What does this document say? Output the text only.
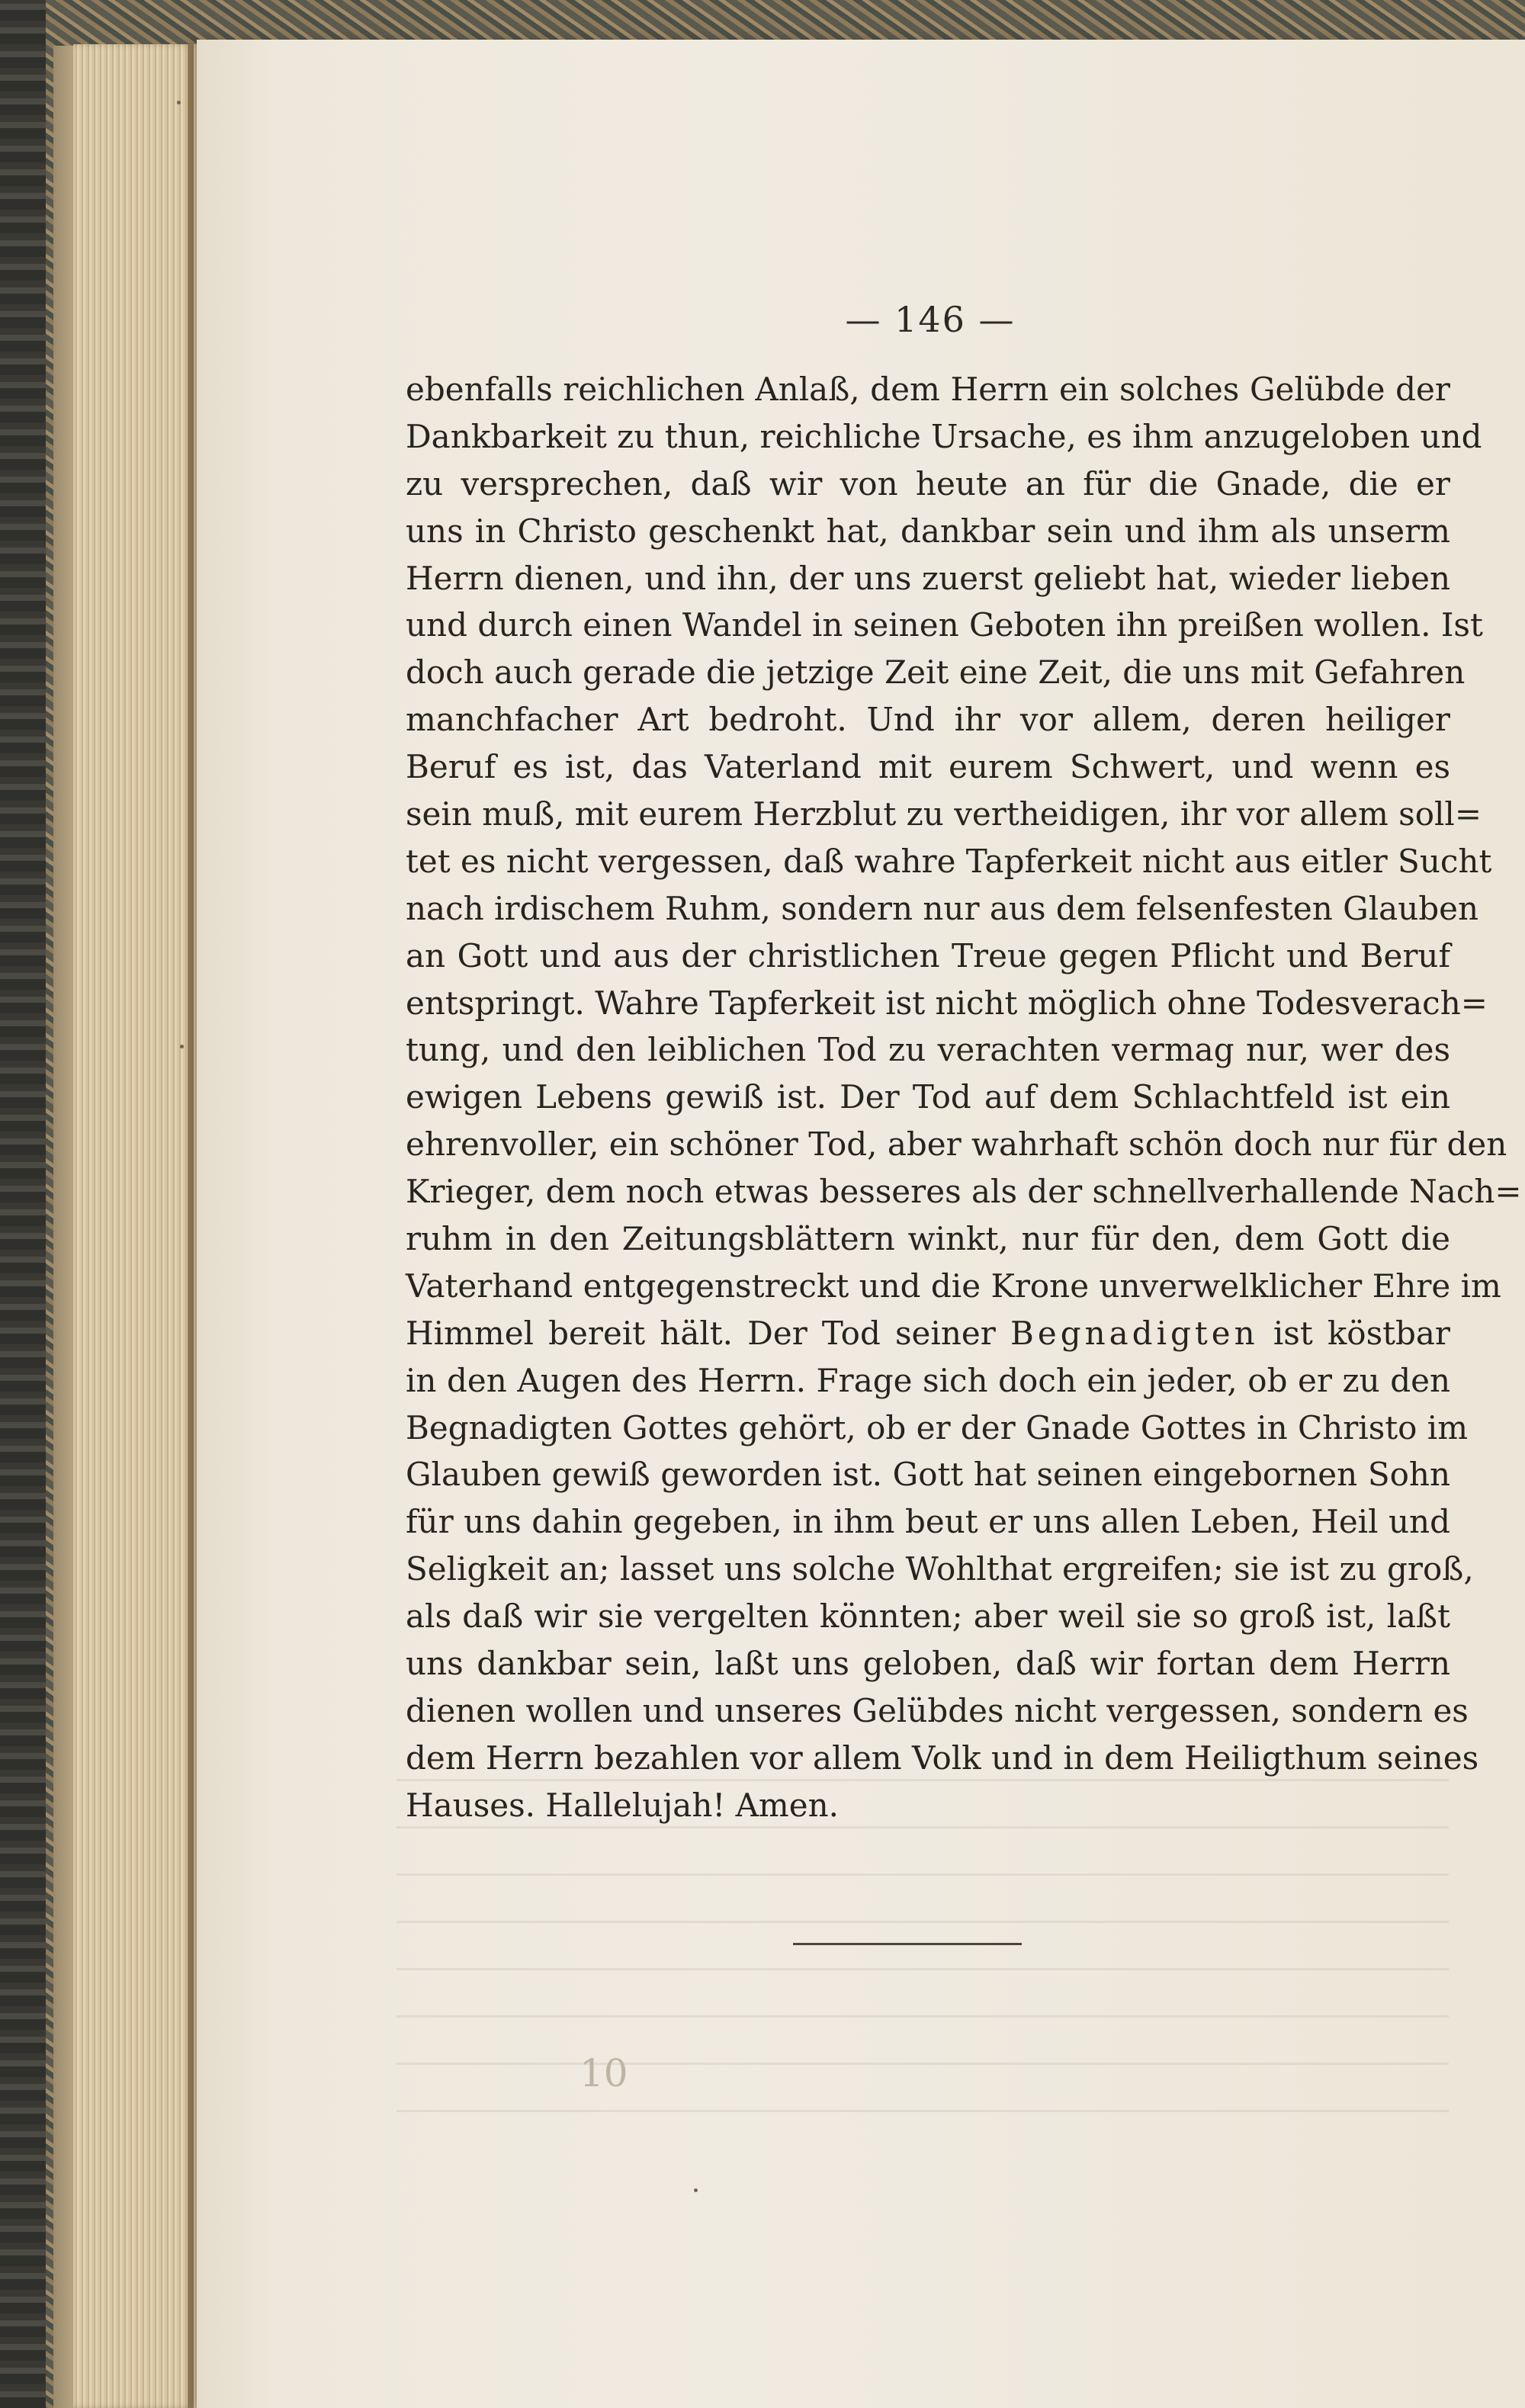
— 146 —
ebenfalls reichlichen Anlaß, dem Herrn ein solches Gelübde der
Dankbarkeit zu thun, reichliche Ursache, es ihm anzugeloben und
zu versprechen, daß wir von heute an für die Gnade, die er
uns in Christo geschenkt hat, dankbar sein und ihm als unserm
Herrn dienen, und ihn, der uns zuerst geliebt hat, wieder lieben
und durch einen Wandel in seinen Geboten ihn preißen wollen. Ist
doch auch gerade die jetzige Zeit eine Zeit, die uns mit Gefahren
manchfacher Art bedroht. Und ihr vor allem, deren heiliger
Beruf es ist, das Vaterland mit eurem Schwert, und wenn es
sein muß, mit eurem Herzblut zu vertheidigen, ihr vor allem soll=
tet es nicht vergessen, daß wahre Tapferkeit nicht aus eitler Sucht
nach irdischem Ruhm, sondern nur aus dem felsenfesten Glauben
an Gott und aus der christlichen Treue gegen Pflicht und Beruf
entspringt. Wahre Tapferkeit ist nicht möglich ohne Todesverach=
tung, und den leiblichen Tod zu verachten vermag nur, wer des
ewigen Lebens gewiß ist. Der Tod auf dem Schlachtfeld ist ein
ehrenvoller, ein schöner Tod, aber wahrhaft schön doch nur für den
Krieger, dem noch etwas besseres als der schnellverhallende Nach=
ruhm in den Zeitungsblättern winkt, nur für den, dem Gott die
Vaterhand entgegenstreckt und die Krone unverwelklicher Ehre im
Himmel bereit hält. Der Tod seiner Begnadigten ist köstbar
in den Augen des Herrn. Frage sich doch ein jeder, ob er zu den
Begnadigten Gottes gehört, ob er der Gnade Gottes in Christo im
Glauben gewiß geworden ist. Gott hat seinen eingebornen Sohn
für uns dahin gegeben, in ihm beut er uns allen Leben, Heil und
Seligkeit an; lasset uns solche Wohlthat ergreifen; sie ist zu groß,
als daß wir sie vergelten könnten; aber weil sie so groß ist, laßt
uns dankbar sein, laßt uns geloben, daß wir fortan dem Herrn
dienen wollen und unseres Gelübdes nicht vergessen, sondern es
dem Herrn bezahlen vor allem Volk und in dem Heiligthum seines
Hauses. Hallelujah! Amen.
10
